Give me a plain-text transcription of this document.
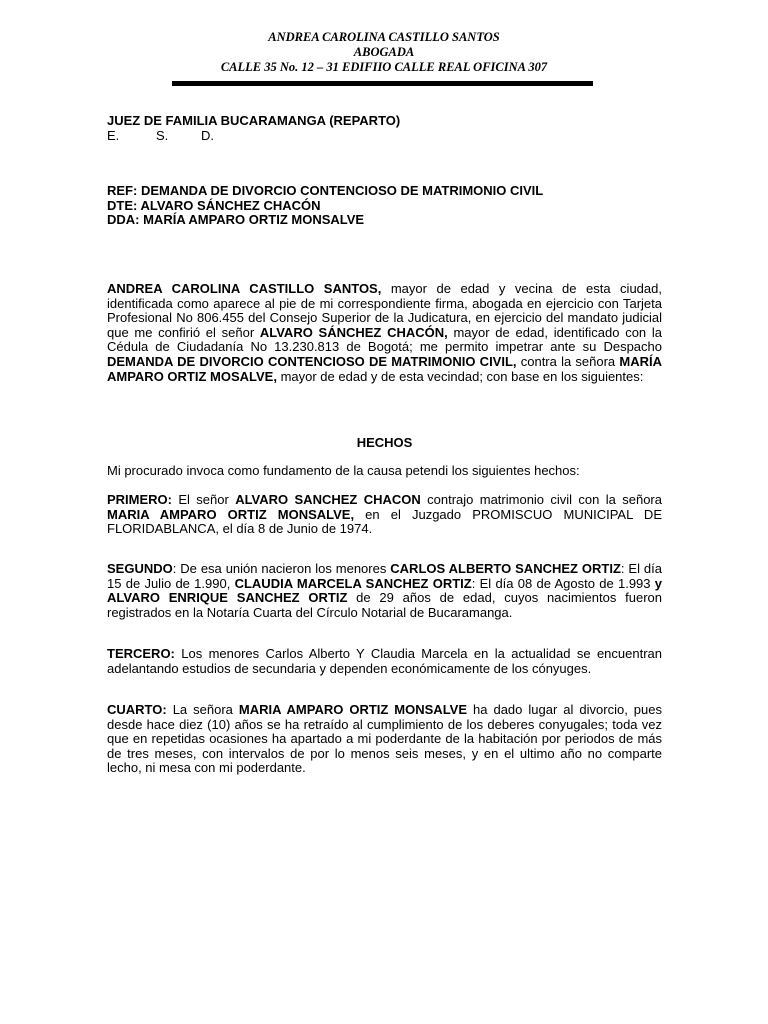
ANDREA CAROLINA CASTILLO SANTOS
ABOGADA
CALLE 35 No. 12 – 31 EDIFIIO CALLE REAL OFICINA 307
JUEZ DE FAMILIA BUCARAMANGA (REPARTO)
E.	S.	D.
REF: DEMANDA DE DIVORCIO CONTENCIOSO DE MATRIMONIO CIVIL
DTE: ALVARO SÁNCHEZ CHACÓN
DDA: MARÍA AMPARO ORTIZ MONSALVE

ANDREA CAROLINA CASTILLO SANTOS, mayor de edad y vecina de esta ciudad, identificada como aparece al pie de mi correspondiente firma, abogada en ejercicio con Tarjeta Profesional No 806.455 del Consejo Superior de la Judicatura, en ejercicio del mandato judicial que me confirió el señor ALVARO SÁNCHEZ CHACÓN, mayor de edad, identificado con la Cédula de Ciudadanía No 13.230.813 de Bogotá; me permito impetrar ante su Despacho DEMANDA DE DIVORCIO CONTENCIOSO DE MATRIMONIO CIVIL, contra la señora MARÍA AMPARO ORTIZ MOSALVE, mayor de edad y de esta vecindad; con base en los siguientes:

HECHOS

Mi procurado invoca como fundamento de la causa petendi los siguientes hechos:

PRIMERO: El señor ALVARO SANCHEZ CHACON contrajo matrimonio civil con la señora MARIA AMPARO ORTIZ MONSALVE, en el Juzgado PROMISCUO MUNICIPAL DE FLORIDABLANCA, el día 8 de Junio de 1974.

SEGUNDO: De esa unión nacieron los menores CARLOS ALBERTO SANCHEZ ORTIZ: El día 15 de Julio de 1.990, CLAUDIA MARCELA SANCHEZ ORTIZ: El día 08 de Agosto de 1.993 y ALVARO ENRIQUE SANCHEZ ORTIZ de 29 años de edad, cuyos nacimientos fueron registrados en la Notaría Cuarta del Círculo Notarial de Bucaramanga.

TERCERO: Los menores Carlos Alberto Y Claudia Marcela en la actualidad se encuentran adelantando estudios de secundaria y dependen económicamente de los cónyuges.

CUARTO: La señora MARIA AMPARO ORTIZ MONSALVE ha dado lugar al divorcio, pues desde hace diez (10) años se ha retraído al cumplimiento de los deberes conyugales; toda vez que en repetidas ocasiones ha apartado a mi poderdante de la habitación por periodos de más de tres meses, con intervalos de por lo menos seis meses, y en el ultimo año no comparte lecho, ni mesa con mi poderdante.
